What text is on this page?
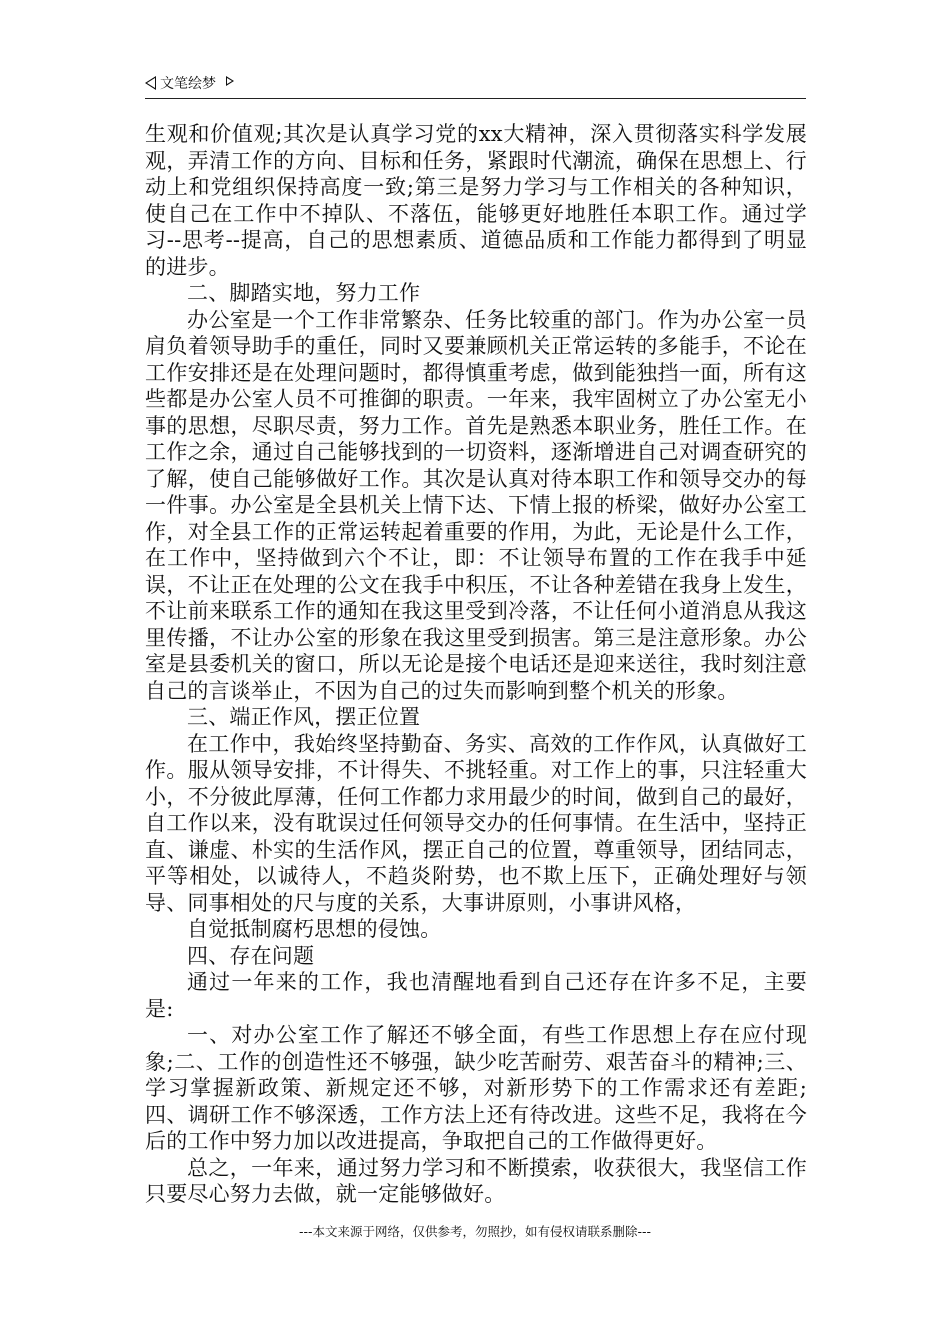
文笔绘梦

生观和价值观;其次是认真学习党的xx大精神，深入贯彻落实科学发展观，弄清工作的方向、目标和任务，紧跟时代潮流，确保在思想上、行动上和党组织保持高度一致;第三是努力学习与工作相关的各种知识，使自己在工作中不掉队、不落伍，能够更好地胜任本职工作。通过学习--思考--提高，自己的思想素质、道德品质和工作能力都得到了明显的进步。

二、脚踏实地，努力工作

办公室是一个工作非常繁杂、任务比较重的部门。作为办公室一员肩负着领导助手的重任，同时又要兼顾机关正常运转的多能手，不论在工作安排还是在处理问题时，都得慎重考虑，做到能独挡一面，所有这些都是办公室人员不可推御的职责。一年来，我牢固树立了办公室无小事的思想，尽职尽责，努力工作。首先是熟悉本职业务，胜任工作。在工作之余，通过自己能够找到的一切资料，逐渐增进自己对调查研究的了解，使自己能够做好工作。其次是认真对待本职工作和领导交办的每一件事。办公室是全县机关上情下达、下情上报的桥梁，做好办公室工作，对全县工作的正常运转起着重要的作用，为此，无论是什么工作，在工作中，坚持做到六个不让，即：不让领导布置的工作在我手中延误，不让正在处理的公文在我手中积压，不让各种差错在我身上发生，不让前来联系工作的通知在我这里受到冷落，不让任何小道消息从我这里传播，不让办公室的形象在我这里受到损害。第三是注意形象。办公室是县委机关的窗口，所以无论是接个电话还是迎来送往，我时刻注意自己的言谈举止，不因为自己的过失而影响到整个机关的形象。

三、端正作风，摆正位置

在工作中，我始终坚持勤奋、务实、高效的工作作风，认真做好工作。服从领导安排，不计得失、不挑轻重。对工作上的事，只注轻重大小，不分彼此厚薄，任何工作都力求用最少的时间，做到自己的最好，自工作以来，没有耽误过任何领导交办的任何事情。在生活中，坚持正直、谦虚、朴实的生活作风，摆正自己的位置，尊重领导，团结同志，平等相处，以诚待人，不趋炎附势，也不欺上压下，正确处理好与领导、同事相处的尺与度的关系，大事讲原则，小事讲风格，

自觉抵制腐朽思想的侵蚀。

四、存在问题

通过一年来的工作，我也清醒地看到自己还存在许多不足，主要是:

一、对办公室工作了解还不够全面，有些工作思想上存在应付现象;二、工作的创造性还不够强，缺少吃苦耐劳、艰苦奋斗的精神;三、学习掌握新政策、新规定还不够，对新形势下的工作需求还有差距;四、调研工作不够深透，工作方法上还有待改进。这些不足，我将在今后的工作中努力加以改进提高，争取把自己的工作做得更好。

总之，一年来，通过努力学习和不断摸索，收获很大，我坚信工作只要尽心努力去做，就一定能够做好。

---本文来源于网络，仅供参考，勿照抄，如有侵权请联系删除---
